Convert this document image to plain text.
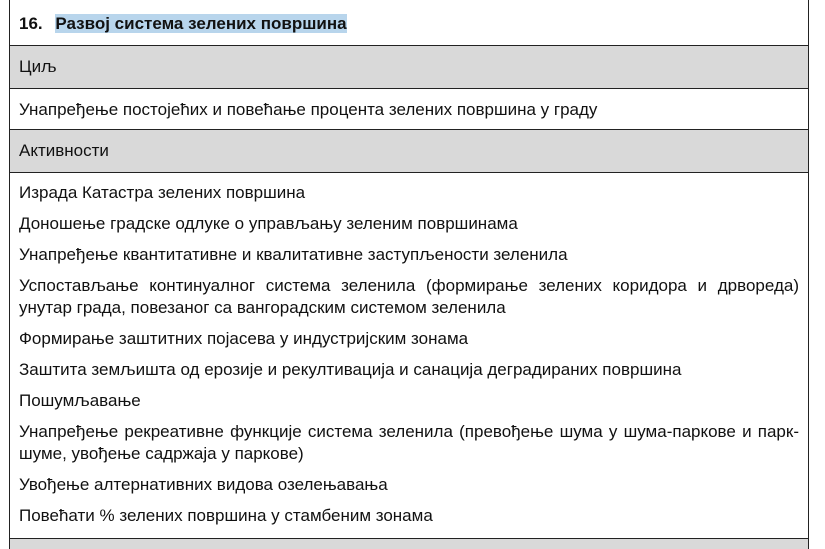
16. Развој система зелених површина
Циљ
Унапређење постојећих и повећање процента зелених површина у граду
Активности
Израда Катастра зелених површина
Доношење градске одлуке о управљању зеленим површинама
Унапређење квантитативне и квалитативне заступљености зеленила
Успостављање континуалног система зеленила (формирање зелених коридора и дрвореда) унутар града, повезаног са вангорадским системом зеленила
Формирање заштитних појасева у индустријским зонама
Заштита земљишта од ерозије и рекултивација и санација деградираних површина
Пошумљавање
Унапређење рекреативне функције система зеленила (превођење шума у шума-паркове и парк-шуме, увођење садржаја у паркове)
Увођење алтернативних видова озелењавања
Повећати % зелених површина у стамбеним зонама
